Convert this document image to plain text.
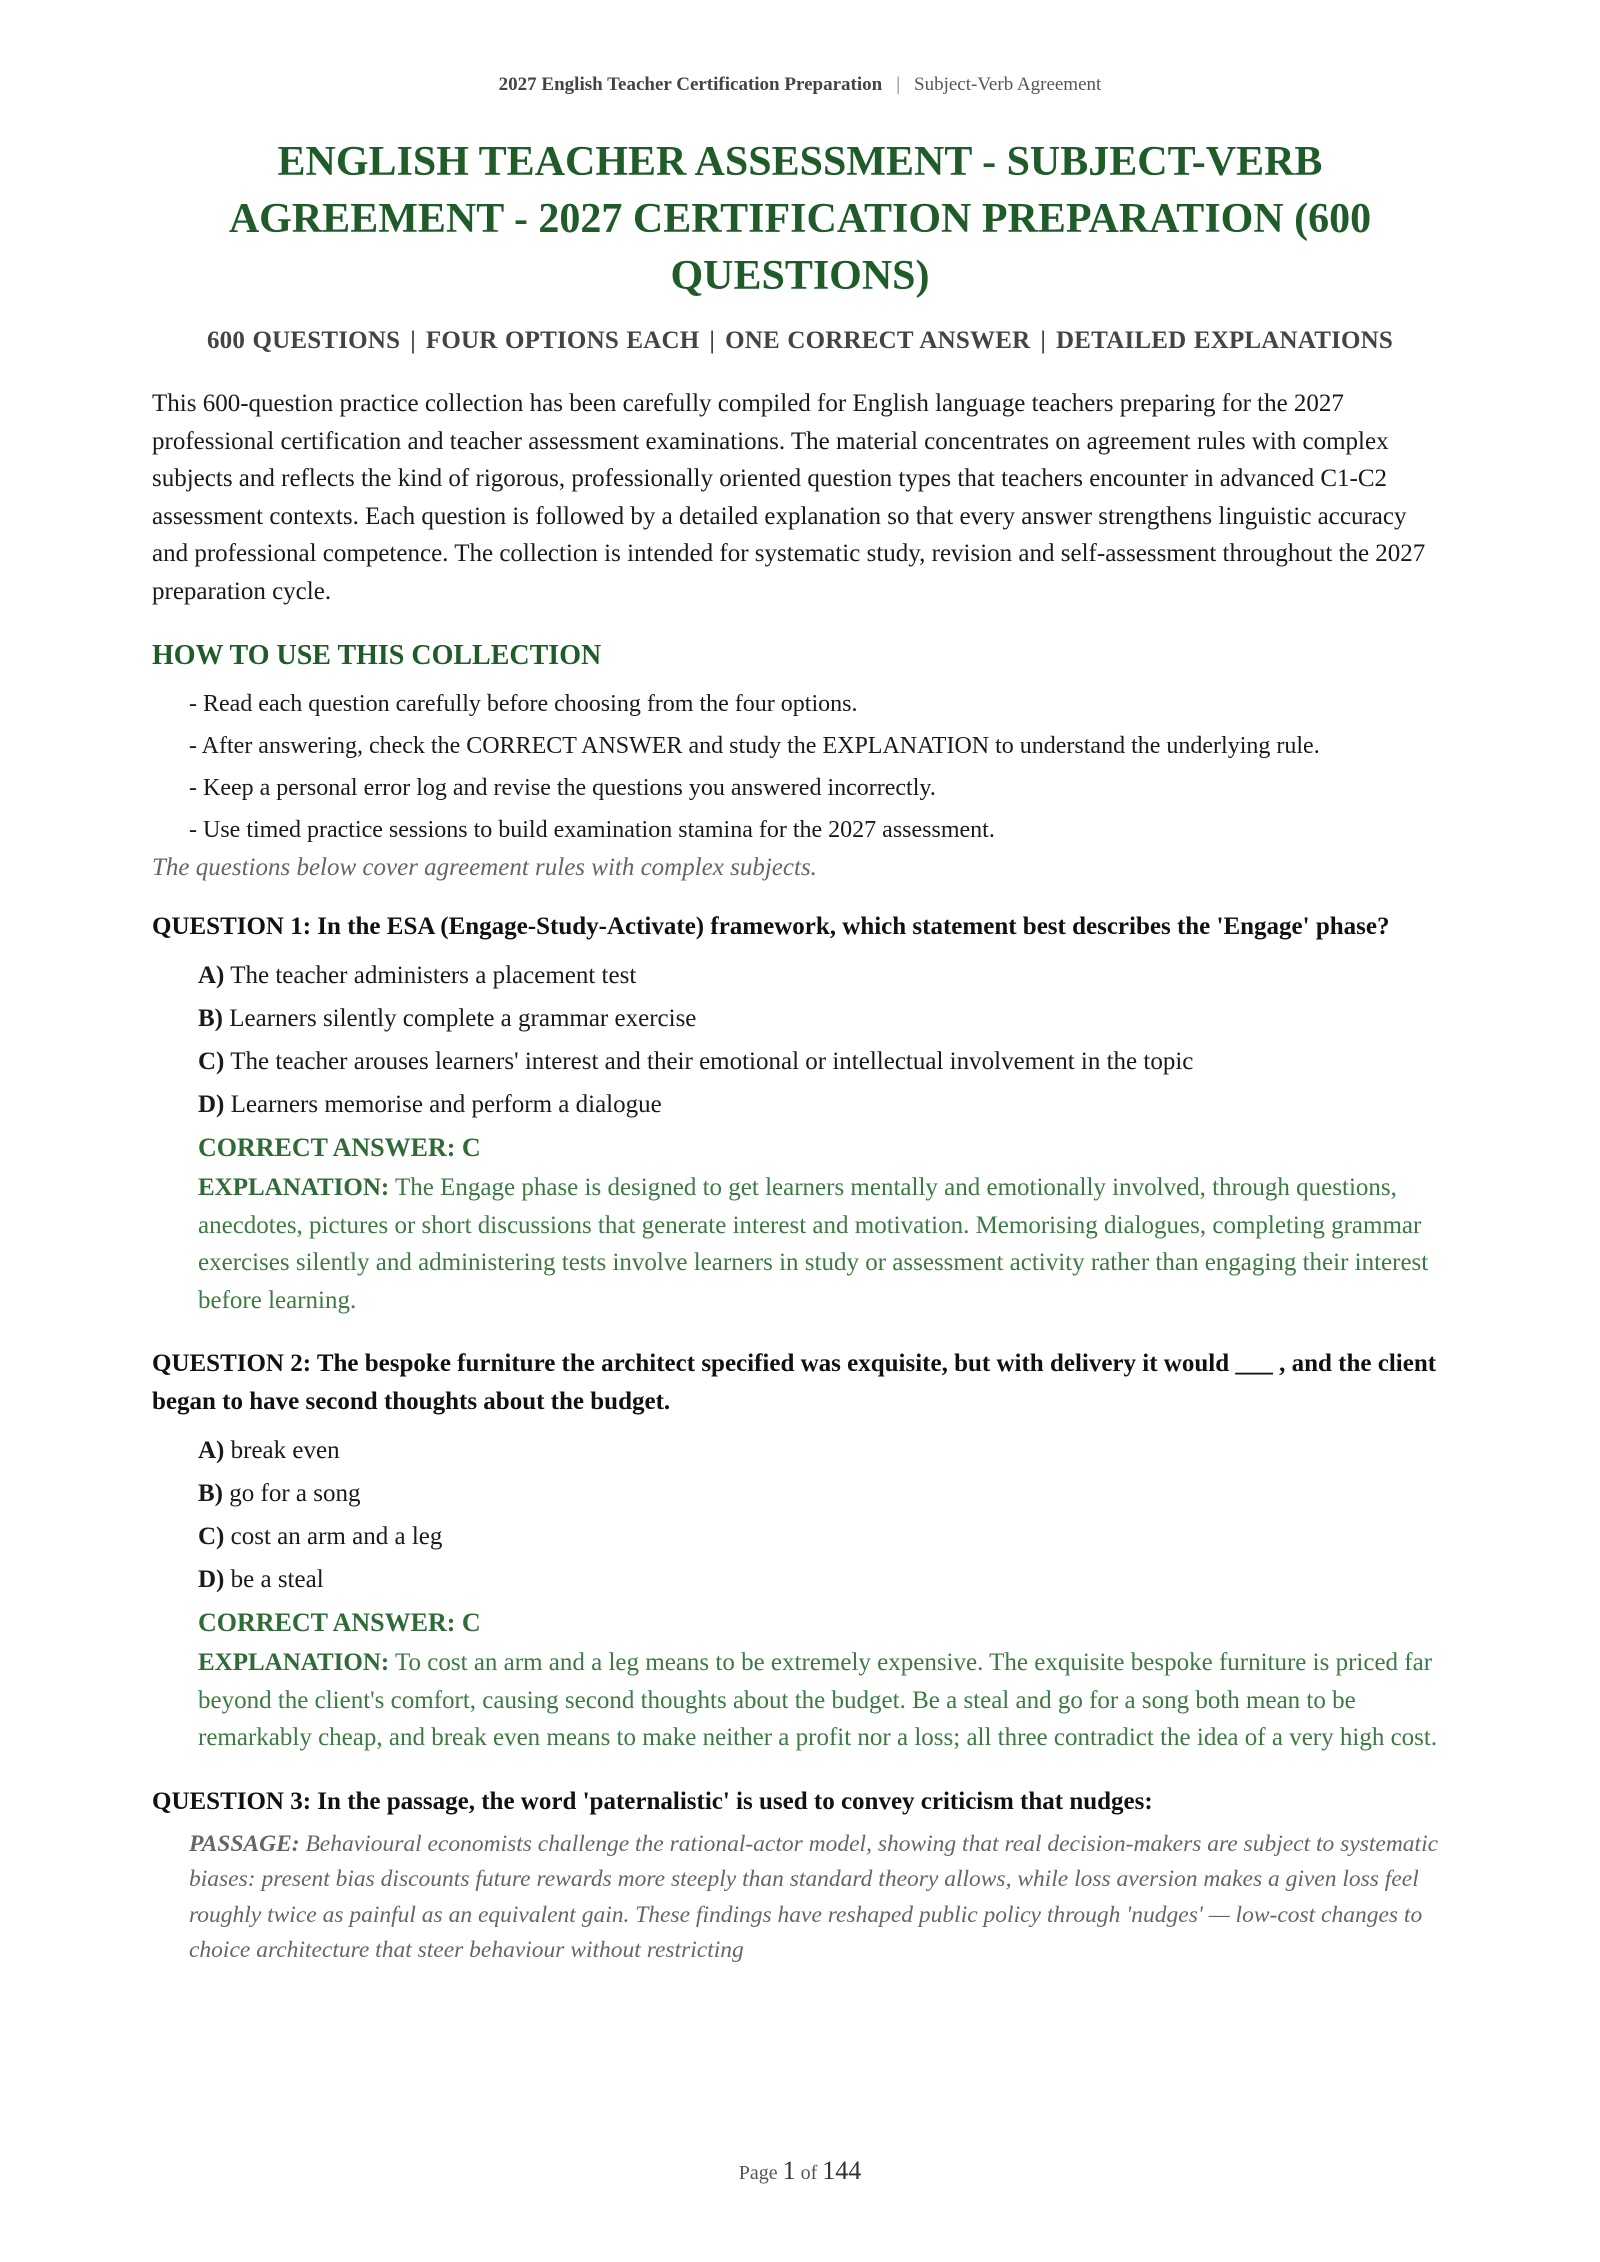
2027 English Teacher Certification Preparation | Subject-Verb Agreement
ENGLISH TEACHER ASSESSMENT - SUBJECT-VERB AGREEMENT - 2027 CERTIFICATION PREPARATION (600 QUESTIONS)
600 QUESTIONS | FOUR OPTIONS EACH | ONE CORRECT ANSWER | DETAILED EXPLANATIONS

This 600-question practice collection has been carefully compiled for English language teachers preparing for the 2027 professional certification and teacher assessment examinations. The material concentrates on agreement rules with complex subjects and reflects the kind of rigorous, professionally oriented question types that teachers encounter in advanced C1-C2 assessment contexts. Each question is followed by a detailed explanation so that every answer strengthens linguistic accuracy and professional competence. The collection is intended for systematic study, revision and self-assessment throughout the 2027 preparation cycle.

HOW TO USE THIS COLLECTION
- Read each question carefully before choosing from the four options.
- After answering, check the CORRECT ANSWER and study the EXPLANATION to understand the underlying rule.
- Keep a personal error log and revise the questions you answered incorrectly.
- Use timed practice sessions to build examination stamina for the 2027 assessment.
The questions below cover agreement rules with complex subjects.
QUESTION 1: In the ESA (Engage-Study-Activate) framework, which statement best describes the 'Engage' phase?
A) The teacher administers a placement test
B) Learners silently complete a grammar exercise
C) The teacher arouses learners' interest and their emotional or intellectual involvement in the topic
D) Learners memorise and perform a dialogue
CORRECT ANSWER: C
EXPLANATION: The Engage phase is designed to get learners mentally and emotionally involved, through questions, anecdotes, pictures or short discussions that generate interest and motivation. Memorising dialogues, completing grammar exercises silently and administering tests involve learners in study or assessment activity rather than engaging their interest before learning.
QUESTION 2: The bespoke furniture the architect specified was exquisite, but with delivery it would ___ , and the client began to have second thoughts about the budget.
A) break even
B) go for a song
C) cost an arm and a leg
D) be a steal
CORRECT ANSWER: C
EXPLANATION: To cost an arm and a leg means to be extremely expensive. The exquisite bespoke furniture is priced far beyond the client's comfort, causing second thoughts about the budget. Be a steal and go for a song both mean to be remarkably cheap, and break even means to make neither a profit nor a loss; all three contradict the idea of a very high cost.
QUESTION 3: In the passage, the word 'paternalistic' is used to convey criticism that nudges:
PASSAGE: Behavioural economists challenge the rational-actor model, showing that real decision-makers are subject to systematic biases: present bias discounts future rewards more steeply than standard theory allows, while loss aversion makes a given loss feel roughly twice as painful as an equivalent gain. These findings have reshaped public policy through 'nudges' — low-cost changes to choice architecture that steer behaviour without restricting
Page 1 of 144
